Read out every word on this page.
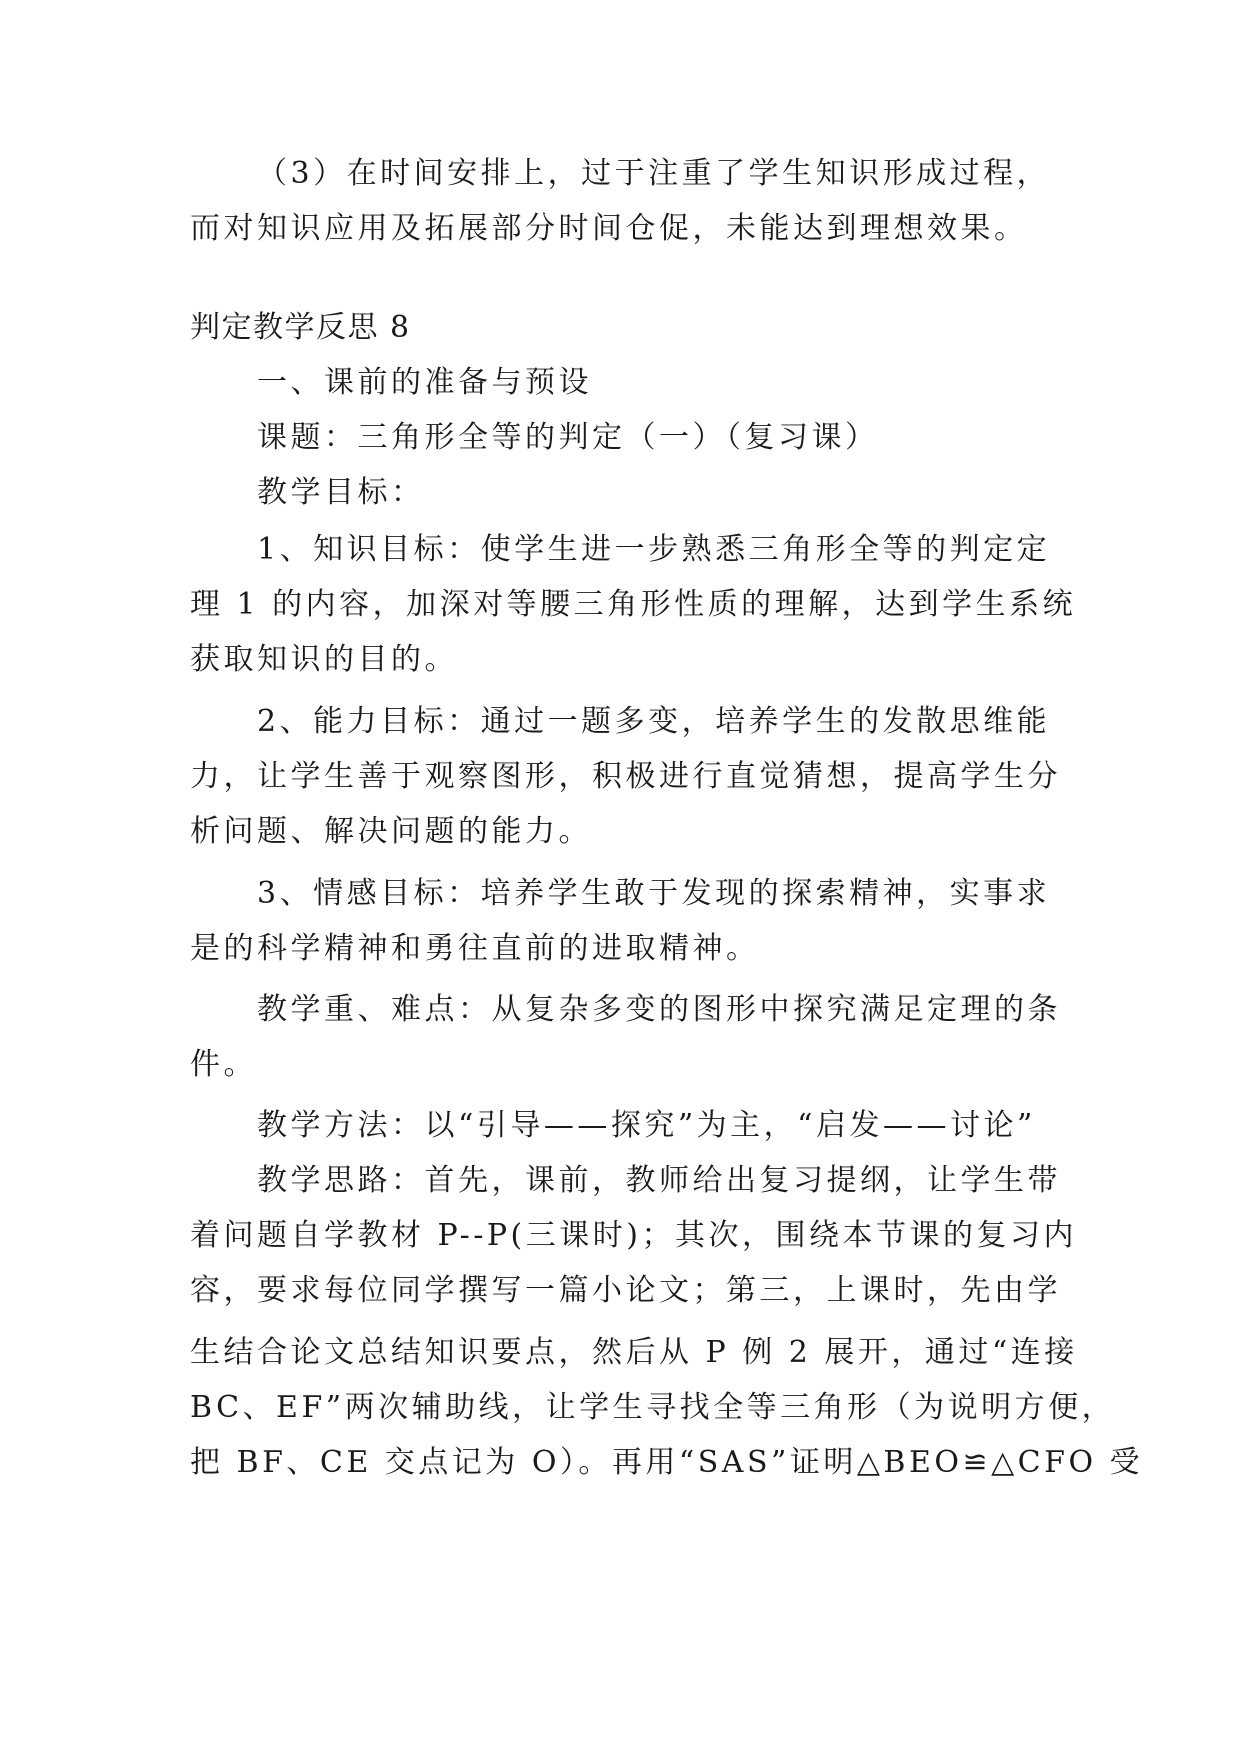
（3）在时间安排上，过于注重了学生知识形成过程，
而对知识应用及拓展部分时间仓促，未能达到理想效果。
判定教学反思 8
一、课前的准备与预设
课题：三角形全等的判定（一）（复习课）
教学目标：
1、知识目标：使学生进一步熟悉三角形全等的判定定
理 1 的内容，加深对等腰三角形性质的理解，达到学生系统
获取知识的目的。
2、能力目标：通过一题多变，培养学生的发散思维能
力，让学生善于观察图形，积极进行直觉猜想，提高学生分
析问题、解决问题的能力。
3、情感目标：培养学生敢于发现的探索精神，实事求
是的科学精神和勇往直前的进取精神。
教学重、难点：从复杂多变的图形中探究满足定理的条
件。
教学方法：以“引导——探究”为主，“启发——讨论”
教学思路：首先，课前，教师给出复习提纲，让学生带
着问题自学教材 P--P(三课时)；其次，围绕本节课的复习内
容，要求每位同学撰写一篇小论文；第三，上课时，先由学
生结合论文总结知识要点，然后从 P 例 2 展开，通过“连接
BC、EF”两次辅助线，让学生寻找全等三角形（为说明方便，
把 BF、CE 交点记为 O）。再用“SAS”证明△BEO≌△CFO 受
